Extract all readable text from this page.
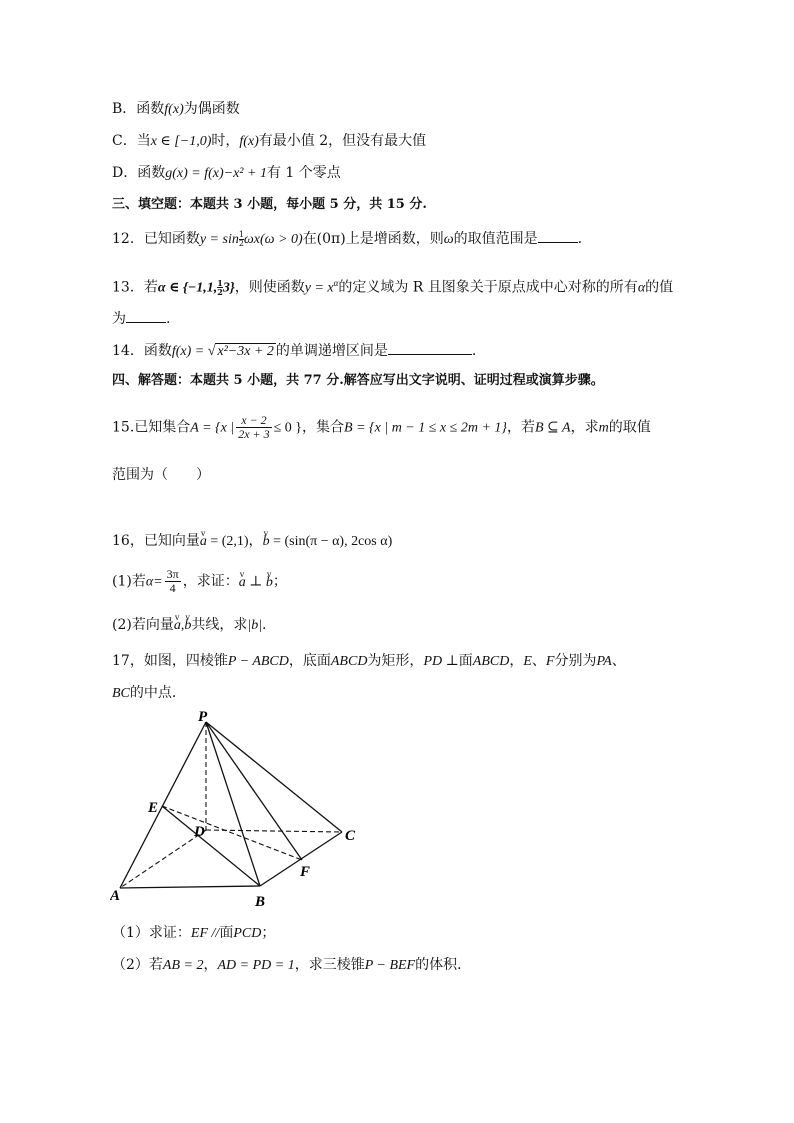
B．函数f(x)为偶函数
C．当x ∈ [−1,0)时，f(x)有最小值 2，但没有最大值
D．函数g(x) = f(x)−x² + 1有 1 个零点
三、填空题：本题共 3 小题，每小题 5 分，共 15 分.
12．已知函数$y = \sin \frac{1}{2}\omega x(\omega > 0)$在(0π)上是增函数，则ω的取值范围是	.
13．若α ∈ {−1,1, $\frac{1}{2}3$}，则使函数$y = x^\alpha$的定义域为 R 且图象关于原点成中心对称的所有α的值
为	.
14．函数f(x) = √ x²−3x + 2 的单调递增区间是	.
四、解答题：本题共 5 小题，共 77 分.解答应写出文字说明、证明过程或演算步骤。
15.已知集合A = {x | $\frac{x - 2}{2x + 3} \le 0$ }，集合B = {x | m − 1 ≤ x ≤ 2m + 1}，若B ⊆ A，求m的取值
范围为（　　）
16，已知向量v a = (2,1)，v b = (sin(π − α), 2cos α)
(1)若$\alpha= \frac{3\pi}{4}$ ，求证：v a ⊥ v b；
(2)若向量v a,v b共线，求|b|.
17，如图，四棱锥P − ABCD，底面ABCD为矩形，PD ⊥面ABCD，E、F分别为PA、
BC的中点．
P
E
D	C
F
A	B
（1）求证：EF //面PCD；
（2）若AB = 2，AD = PD = 1，求三棱锥P − BEF的体积．
